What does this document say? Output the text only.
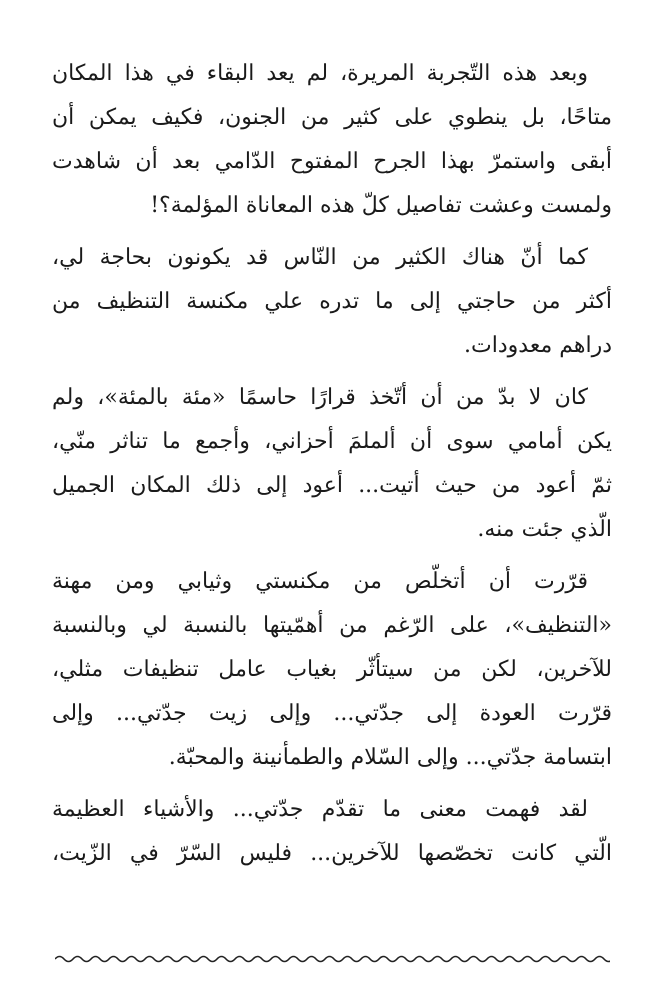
وبعد هذه التّجربة المريرة، لم يعد البقاء في هذا المكان
متاحًا، بل ينطوي على كثير من الجنون، فكيف يمكن أن
أبقى واستمرّ بهذا الجرح المفتوح الدّامي بعد أن شاهدت
ولمست وعشت تفاصيل كلّ هذه المعاناة المؤلمة؟!

كما أنّ هناك الكثير من النّاس قد يكونون بحاجة لي،
أكثر من حاجتي إلى ما تدره علي مكنسة التنظيف من
دراهم معدودات.

كان لا بدّ من أن أتّخذ قرارًا حاسمًا «مئة بالمئة»، ولم
يكن أمامي سوى أن ألملمَ أحزاني، وأجمع ما تناثر منّي،
ثمّ أعود من حيث أتيت... أعود إلى ذلك المكان الجميل
الّذي جئت منه.

قرّرت أن أتخلّص من مكنستي وثيابي ومن مهنة
«التنظيف»، على الرّغم من أهمّيتها بالنسبة لي وبالنسبة
للآخرين، لكن من سيتأثّر بغياب عامل تنظيفات مثلي،
قرّرت العودة إلى جدّتي... وإلى زيت جدّتي... وإلى
ابتسامة جدّتي... وإلى السّلام والطمأنينة والمحبّة.

لقد فهمت معنى ما تقدّم جدّتي... والأشياء العظيمة
الّتي كانت تخصّصها للآخرين... فليس السّرّ في الزّيت،
